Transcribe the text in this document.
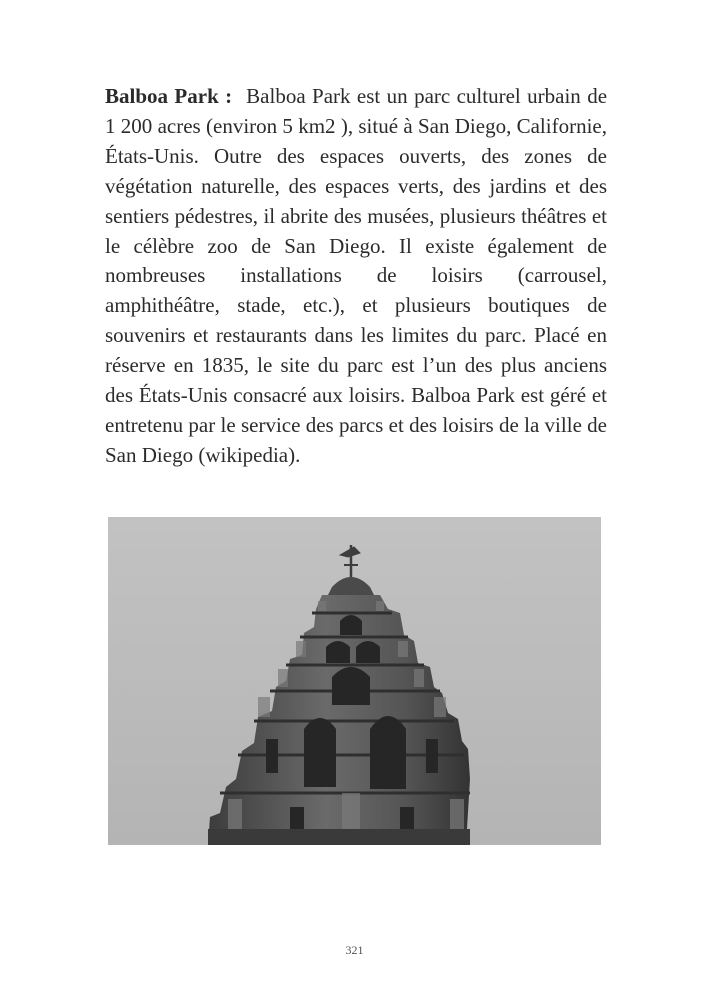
Balboa Park : Balboa Park est un parc culturel urbain de 1 200 acres (environ 5 km2 ), situé à San Diego, Californie, États-Unis. Outre des espaces ouverts, des zones de végétation naturelle, des espaces verts, des jardins et des sentiers pédestres, il abrite des musées, plusieurs théâtres et le célèbre zoo de San Diego. Il existe également de nombreuses installations de loisirs (carrousel, amphithéâtre, stade, etc.), et plusieurs boutiques de souvenirs et restaurants dans les limites du parc. Placé en réserve en 1835, le site du parc est l’un des plus anciens des États-Unis consacré aux loisirs. Balboa Park est géré et entretenu par le service des parcs et des loisirs de la ville de San Diego (wikipedia).

321
